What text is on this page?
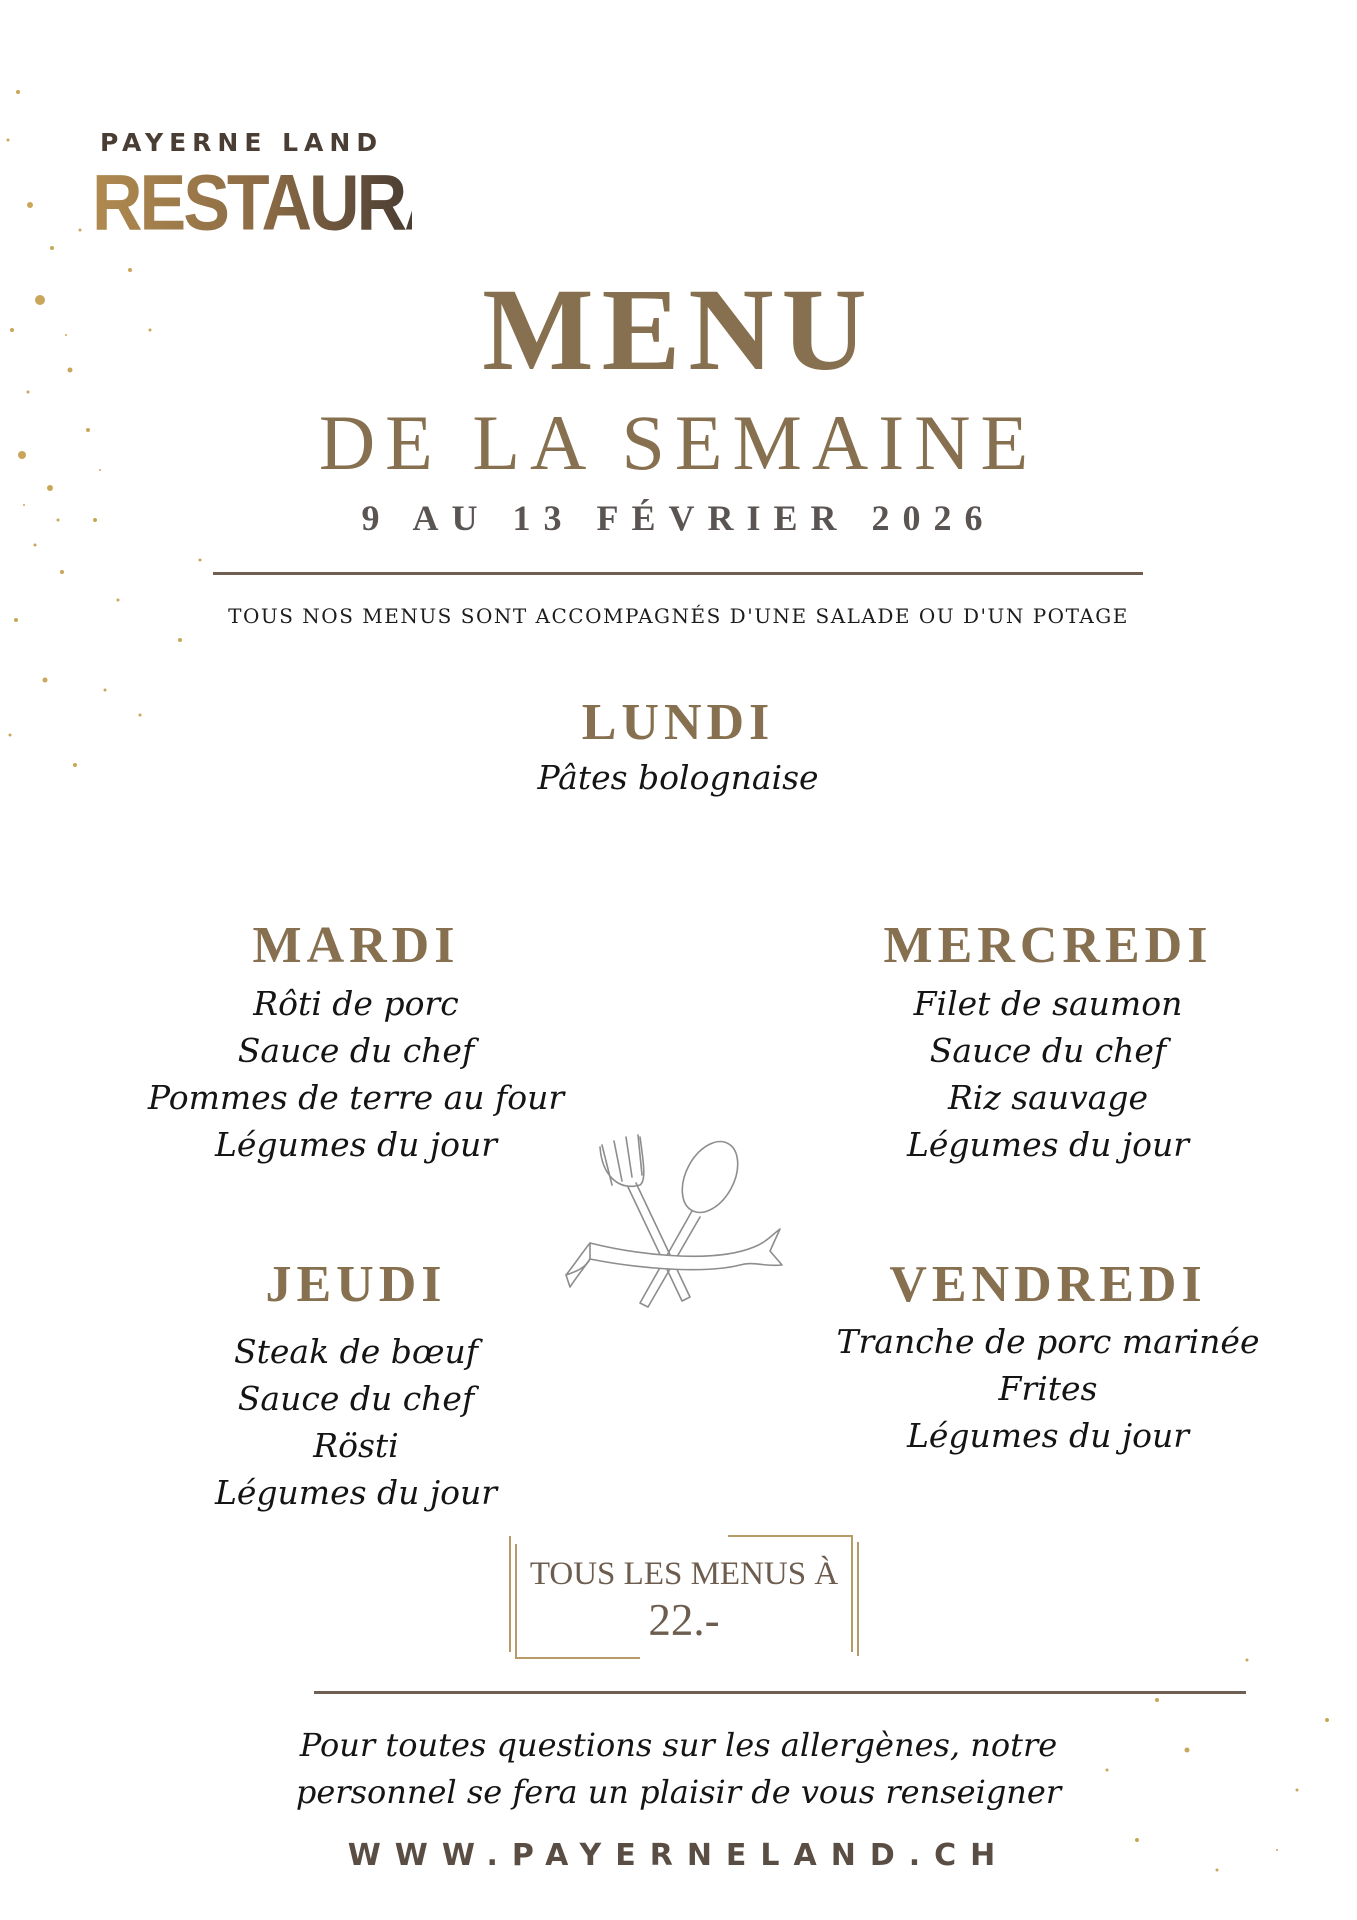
PAYERNE LAND
RESTAURANT
MENU
DE LA SEMAINE
9 AU 13 FÉVRIER 2026
TOUS NOS MENUS SONT ACCOMPAGNÉS D'UNE SALADE OU D'UN POTAGE
LUNDI
Pâtes bolognaise
MARDI
Rôti de porc
Sauce du chef
Pommes de terre au four
Légumes du jour
MERCREDI
Filet de saumon
Sauce du chef
Riz sauvage
Légumes du jour
JEUDI
Steak de bœuf
Sauce du chef
Rösti
Légumes du jour
VENDREDI
Tranche de porc marinée
Frites
Légumes du jour
TOUS LES MENUS À
22.-
Pour toutes questions sur les allergènes, notre
personnel se fera un plaisir de vous renseigner
WWW.PAYERNELAND.CH
